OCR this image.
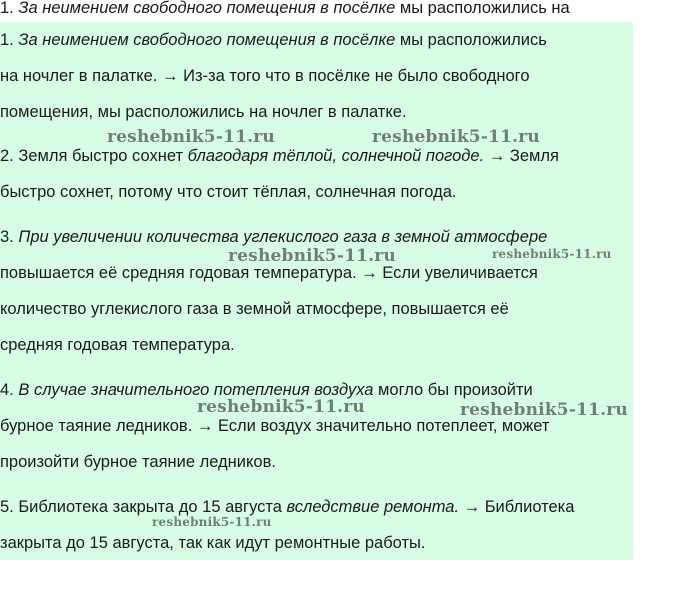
1. За неимением свободного помещения в посёлке мы расположились на
1. За неимением свободного помещения в посёлке мы расположились
на ночлег в палатке. → Из-за того что в посёлке не было свободного
помещения, мы расположились на ночлег в палатке.
2. Земля быстро сохнет благодаря тёплой, солнечной погоде. → Земля
быстро сохнет, потому что стоит тёплая, солнечная погода.
3. При увеличении количества углекислого газа в земной атмосфере
повышается её средняя годовая температура. → Если увеличивается
количество углекислого газа в земной атмосфере, повышается её
средняя годовая температура.
4. В случае значительного потепления воздуха могло бы произойти
бурное таяние ледников. → Если воздух значительно потеплеет, может
произойти бурное таяние ледников.
5. Библиотека закрыта до 15 августа вследствие ремонта. → Библиотека
закрыта до 15 августа, так как идут ремонтные работы.
reshebnik5-11.ru	reshebnik5-11.ru
reshebnik5-11.ru	reshebnik5-11.ru
reshebnik5-11.ru	reshebnik5-11.ru
reshebnik5-11.ru
